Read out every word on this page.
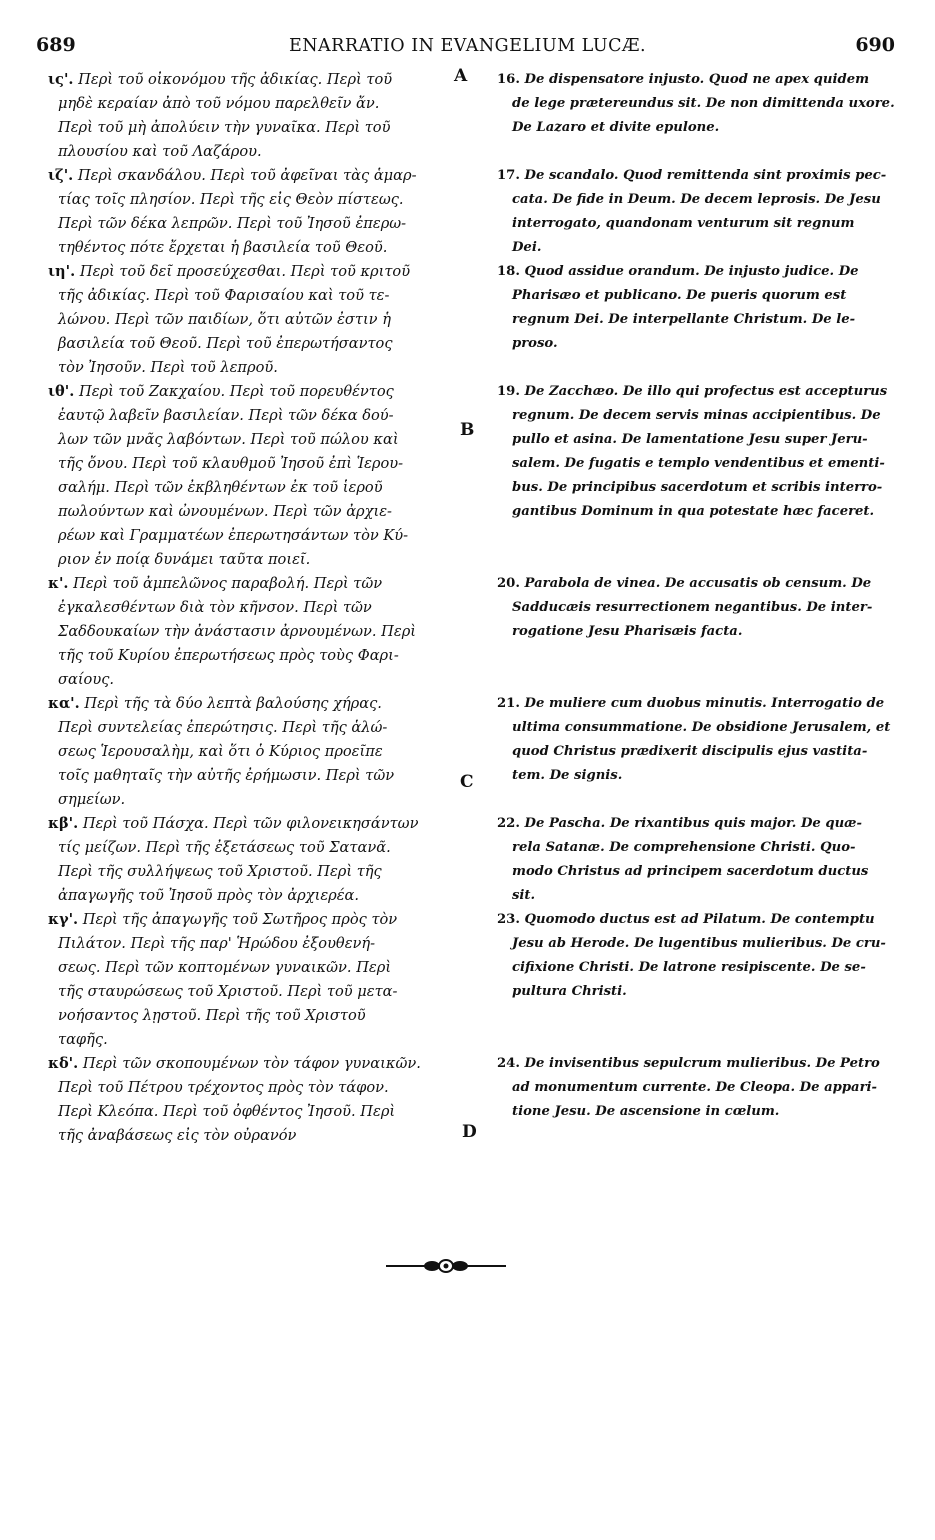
689	ENARRATIO IN EVANGELIUM LUCÆ.	690
ις'. Περὶ τοῦ οἰκονόμου τῆς ἀδικίας. Περὶ τοῦ
μηδὲ κεραίαν ἀπὸ τοῦ νόμου παρελθεῖν ἄν.
Περὶ τοῦ μὴ ἀπολύειν τὴν γυναῖκα. Περὶ τοῦ
πλουσίου καὶ τοῦ Λαζάρου.
ιζ'. Περὶ σκανδάλου. Περὶ τοῦ ἀφεῖναι τὰς ἁμαρ-
τίας τοῖς πλησίον. Περὶ τῆς εἰς Θεὸν πίστεως.
Περὶ τῶν δέκα λεπρῶν. Περὶ τοῦ Ἰησοῦ ἐπερω-
τηθέντος πότε ἔρχεται ἡ βασιλεία τοῦ Θεοῦ.
ιη'. Περὶ τοῦ δεῖ προσεύχεσθαι. Περὶ τοῦ κριτοῦ
τῆς ἀδικίας. Περὶ τοῦ Φαρισαίου καὶ τοῦ τε-
λώνου. Περὶ τῶν παιδίων, ὅτι αὐτῶν ἐστιν ἡ
βασιλεία τοῦ Θεοῦ. Περὶ τοῦ ἐπερωτήσαντος
τὸν Ἰησοῦν. Περὶ τοῦ λεπροῦ.
ιθ'. Περὶ τοῦ Ζακχαίου. Περὶ τοῦ πορευθέντος
ἑαυτῷ λαβεῖν βασιλείαν. Περὶ τῶν δέκα δού-
λων τῶν μνᾶς λαβόντων. Περὶ τοῦ πώλου καὶ
τῆς ὄνου. Περὶ τοῦ κλαυθμοῦ Ἰησοῦ ἐπὶ Ἱερου-
σαλήμ. Περὶ τῶν ἐκβληθέντων ἐκ τοῦ ἱεροῦ
πωλούντων καὶ ὠνουμένων. Περὶ τῶν ἀρχιε-
ρέων καὶ Γραμματέων ἐπερωτησάντων τὸν Κύ-
ριον ἐν ποίᾳ δυνάμει ταῦτα ποιεῖ.
κ'. Περὶ τοῦ ἀμπελῶνος παραβολή. Περὶ τῶν
ἐγκαλεσθέντων διὰ τὸν κῆνσον. Περὶ τῶν
Σαδδουκαίων τὴν ἀνάστασιν ἀρνουμένων. Περὶ
τῆς τοῦ Κυρίου ἐπερωτήσεως πρὸς τοὺς Φαρι-
σαίους.
κα'. Περὶ τῆς τὰ δύο λεπτὰ βαλούσης χήρας.
Περὶ συντελείας ἐπερώτησις. Περὶ τῆς ἁλώ-
σεως Ἱερουσαλὴμ, καὶ ὅτι ὁ Κύριος προεῖπε
τοῖς μαθηταῖς τὴν αὐτῆς ἐρήμωσιν. Περὶ τῶν
σημείων.
κβ'. Περὶ τοῦ Πάσχα. Περὶ τῶν φιλονεικησάντων
τίς μείζων. Περὶ τῆς ἐξετάσεως τοῦ Σατανᾶ.
Περὶ τῆς συλλήψεως τοῦ Χριστοῦ. Περὶ τῆς
ἀπαγωγῆς τοῦ Ἰησοῦ πρὸς τὸν ἀρχιερέα.
κγ'. Περὶ τῆς ἀπαγωγῆς τοῦ Σωτῆρος πρὸς τὸν
Πιλάτον. Περὶ τῆς παρ' Ἡρώδου ἐξουθενή-
σεως. Περὶ τῶν κοπτομένων γυναικῶν. Περὶ
τῆς σταυρώσεως τοῦ Χριστοῦ. Περὶ τοῦ μετα-
νοήσαντος λῃστοῦ. Περὶ τῆς τοῦ Χριστοῦ
ταφῆς.
κδ'. Περὶ τῶν σκοπουμένων τὸν τάφον γυναικῶν.
Περὶ τοῦ Πέτρου τρέχοντος πρὸς τὸν τάφον.
Περὶ Κλεόπα. Περὶ τοῦ ὀφθέντος Ἰησοῦ. Περὶ
τῆς ἀναβάσεως εἰς τὸν οὐρανόν
A
B
C
D
16. De dispensatore injusto. Quod ne apex quidem
de lege prætereundus sit. De non dimittenda uxore.
De Lazaro et divite epulone.
17. De scandalo. Quod remittenda sint proximis pec-
cata. De fide in Deum. De decem leprosis. De Jesu
interrogato, quandonam venturum sit regnum
Dei.
18. Quod assidue orandum. De injusto judice. De
Pharisæo et publicano. De pueris quorum est
regnum Dei. De interpellante Christum. De le-
proso.
19. De Zacchæo. De illo qui profectus est accepturus
regnum. De decem servis minas accipientibus. De
pullo et asina. De lamentatione Jesu super Jeru-
salem. De fugatis e templo vendentibus et ementi-
bus. De principibus sacerdotum et scribis interro-
gantibus Dominum in qua potestate hæc faceret.
20. Parabola de vinea. De accusatis ob censum. De
Sadducæis resurrectionem negantibus. De inter-
rogatione Jesu Pharisæis facta.
21. De muliere cum duobus minutis. Interrogatio de
ultima consummatione. De obsidione Jerusalem, et
quod Christus prædixerit discipulis ejus vastita-
tem. De signis.
22. De Pascha. De rixantibus quis major. De quæ-
rela Satanæ. De comprehensione Christi. Quo-
modo Christus ad principem sacerdotum ductus
sit.
23. Quomodo ductus est ad Pilatum. De contemptu
Jesu ab Herode. De lugentibus mulieribus. De cru-
cifixione Christi. De latrone resipiscente. De se-
pultura Christi.
24. De invisentibus sepulcrum mulieribus. De Petro
ad monumentum currente. De Cleopa. De appari-
tione Jesu. De ascensione in cœlum.
